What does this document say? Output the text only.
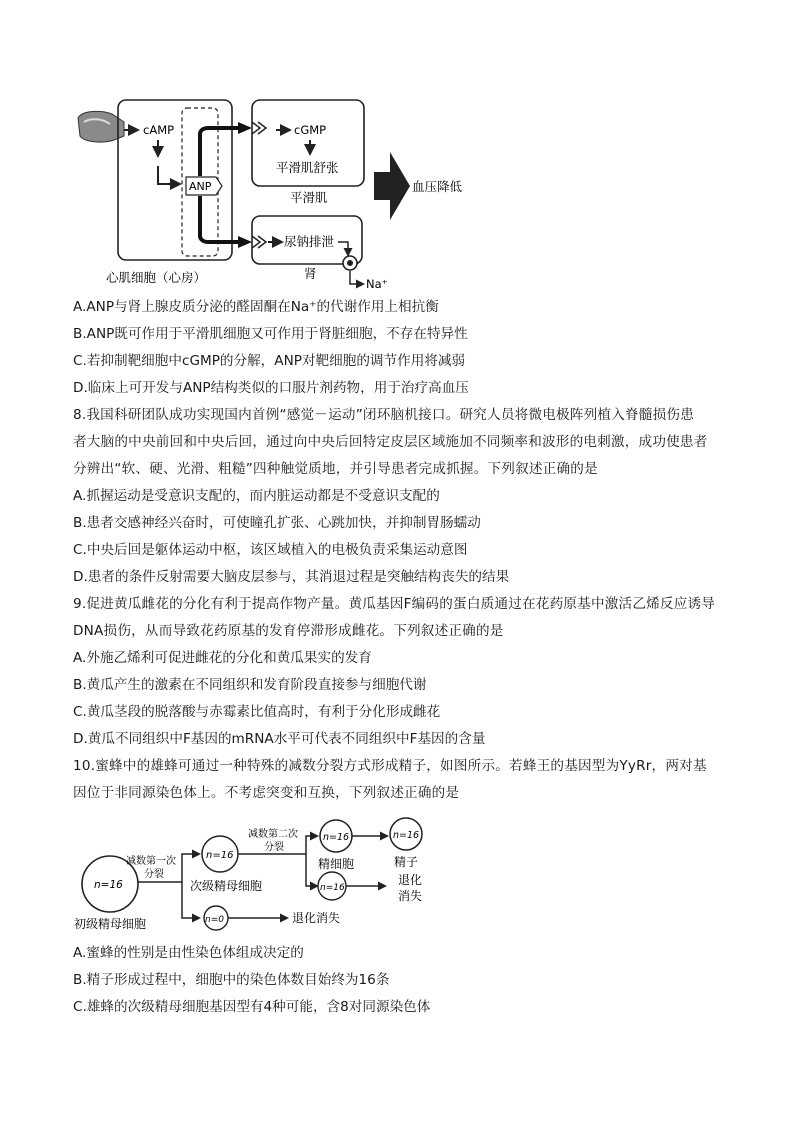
cAMP
ANP
cGMP
平滑肌舒张
平滑肌
血压降低
尿钠排泄
肾
Na⁺
心肌细胞（心房）
A.ANP与肾上腺皮质分泌的醛固酮在Na⁺的代谢作用上相抗衡
B.ANP既可作用于平滑肌细胞又可作用于肾脏细胞，不存在特异性
C.若抑制靶细胞中cGMP的分解，ANP对靶细胞的调节作用将减弱
D.临床上可开发与ANP结构类似的口服片剂药物，用于治疗高血压
8.我国科研团队成功实现国内首例“感觉－运动”闭环脑机接口。研究人员将微电极阵列植入脊髓损伤患
者大脑的中央前回和中央后回，通过向中央后回特定皮层区域施加不同频率和波形的电刺激，成功使患者
分辨出“软、硬、光滑、粗糙”四种触觉质地，并引导患者完成抓握。下列叙述正确的是
A.抓握运动是受意识支配的，而内脏运动都是不受意识支配的
B.患者交感神经兴奋时，可使瞳孔扩张、心跳加快，并抑制胃肠蠕动
C.中央后回是躯体运动中枢，该区域植入的电极负责采集运动意图
D.患者的条件反射需要大脑皮层参与，其消退过程是突触结构丧失的结果
9.促进黄瓜雌花的分化有利于提高作物产量。黄瓜基因F编码的蛋白质通过在花药原基中激活乙烯反应诱导
DNA损伤，从而导致花药原基的发育停滞形成雌花。下列叙述正确的是
A.外施乙烯利可促进雌花的分化和黄瓜果实的发育
B.黄瓜产生的激素在不同组织和发育阶段直接参与细胞代谢
C.黄瓜茎段的脱落酸与赤霉素比值高时，有利于分化形成雌花
D.黄瓜不同组织中F基因的mRNA水平可代表不同组织中F基因的含量
10.蜜蜂中的雄蜂可通过一种特殊的减数分裂方式形成精子，如图所示。若蜂王的基因型为YyRr，两对基
因位于非同源染色体上。不考虑突变和互换，下列叙述正确的是
n=16
初级精母细胞
减数第一次
分裂
n=16
次级精母细胞
n=0	退化消失
减数第二次
分裂
n=16
精细胞
n=16
精子
n=16
退化
消失
A.蜜蜂的性别是由性染色体组成决定的
B.精子形成过程中，细胞中的染色体数目始终为16条
C.雄蜂的次级精母细胞基因型有4种可能，含8对同源染色体
